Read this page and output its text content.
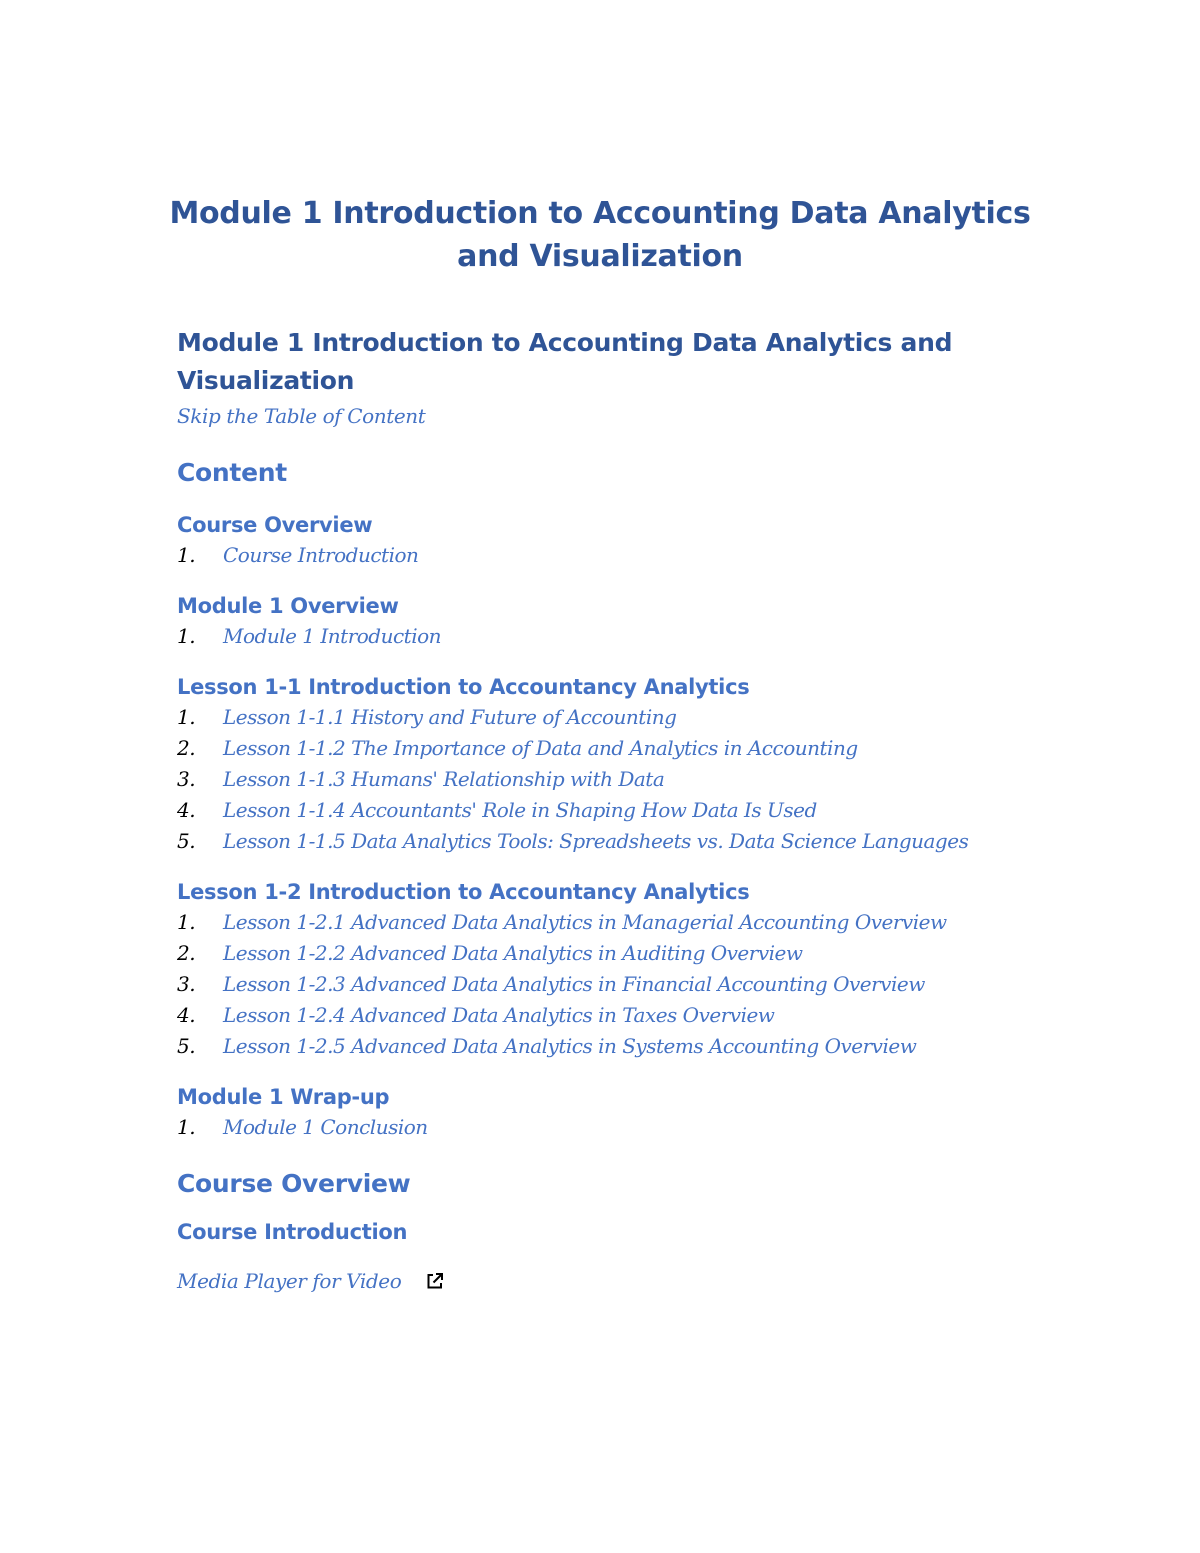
Module 1 Introduction to Accounting Data Analytics and Visualization
Module 1 Introduction to Accounting Data Analytics and Visualization
Skip the Table of Content
Content
Course Overview
1.	Course Introduction
Module 1 Overview
1.	Module 1 Introduction
Lesson 1-1 Introduction to Accountancy Analytics
1.	Lesson 1-1.1 History and Future of Accounting
2.	Lesson 1-1.2 The Importance of Data and Analytics in Accounting
3.	Lesson 1-1.3 Humans' Relationship with Data
4.	Lesson 1-1.4 Accountants' Role in Shaping How Data Is Used
5.	Lesson 1-1.5 Data Analytics Tools: Spreadsheets vs. Data Science Languages
Lesson 1-2 Introduction to Accountancy Analytics
1.	Lesson 1-2.1 Advanced Data Analytics in Managerial Accounting Overview
2.	Lesson 1-2.2 Advanced Data Analytics in Auditing Overview
3.	Lesson 1-2.3 Advanced Data Analytics in Financial Accounting Overview
4.	Lesson 1-2.4 Advanced Data Analytics in Taxes Overview
5.	Lesson 1-2.5 Advanced Data Analytics in Systems Accounting Overview
Module 1 Wrap-up
1.	Module 1 Conclusion
Course Overview
Course Introduction
Media Player for Video
